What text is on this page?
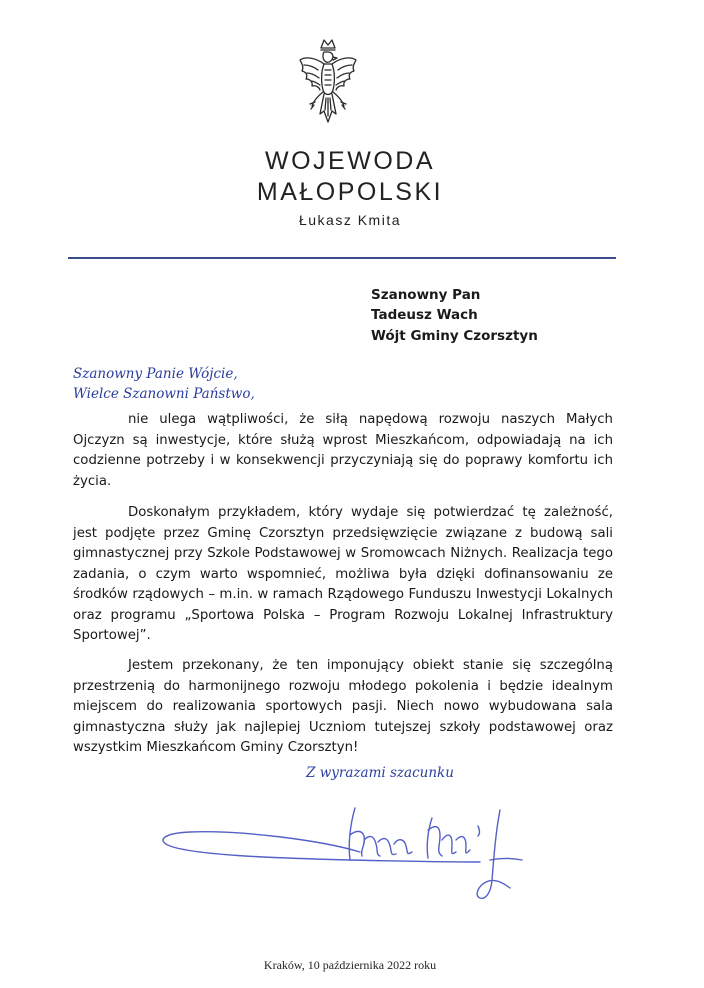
WOJEWODA
MAŁOPOLSKI
Łukasz Kmita
Szanowny Pan
Tadeusz Wach
Wójt Gminy Czorsztyn
Szanowny Panie Wójcie,
Wielce Szanowni Państwo,

nie ulega wątpliwości, że siłą napędową rozwoju naszych Małych Ojczyzn są inwestycje, które służą wprost Mieszkańcom, odpowiadają na ich codzienne potrzeby i w konsekwencji przyczyniają się do poprawy komfortu ich życia.

Doskonałym przykładem, który wydaje się potwierdzać tę zależność, jest podjęte przez Gminę Czorsztyn przedsięwzięcie związane z budową sali gimnastycznej przy Szkole Podstawowej w Sromowcach Niżnych. Realizacja tego zadania, o czym warto wspomnieć, możliwa była dzięki dofinansowaniu ze środków rządowych – m.in. w ramach Rządowego Funduszu Inwestycji Lokalnych oraz programu „Sportowa Polska – Program Rozwoju Lokalnej Infrastruktury Sportowej”.

Jestem przekonany, że ten imponujący obiekt stanie się szczególną przestrzenią do harmonijnego rozwoju młodego pokolenia i będzie idealnym miejscem do realizowania sportowych pasji. Niech nowo wybudowana sala gimnastyczna służy jak najlepiej Uczniom tutejszej szkoły podstawowej oraz wszystkim Mieszkańcom Gminy Czorsztyn!

Z wyrazami szacunku
Kraków, 10 października 2022 roku
